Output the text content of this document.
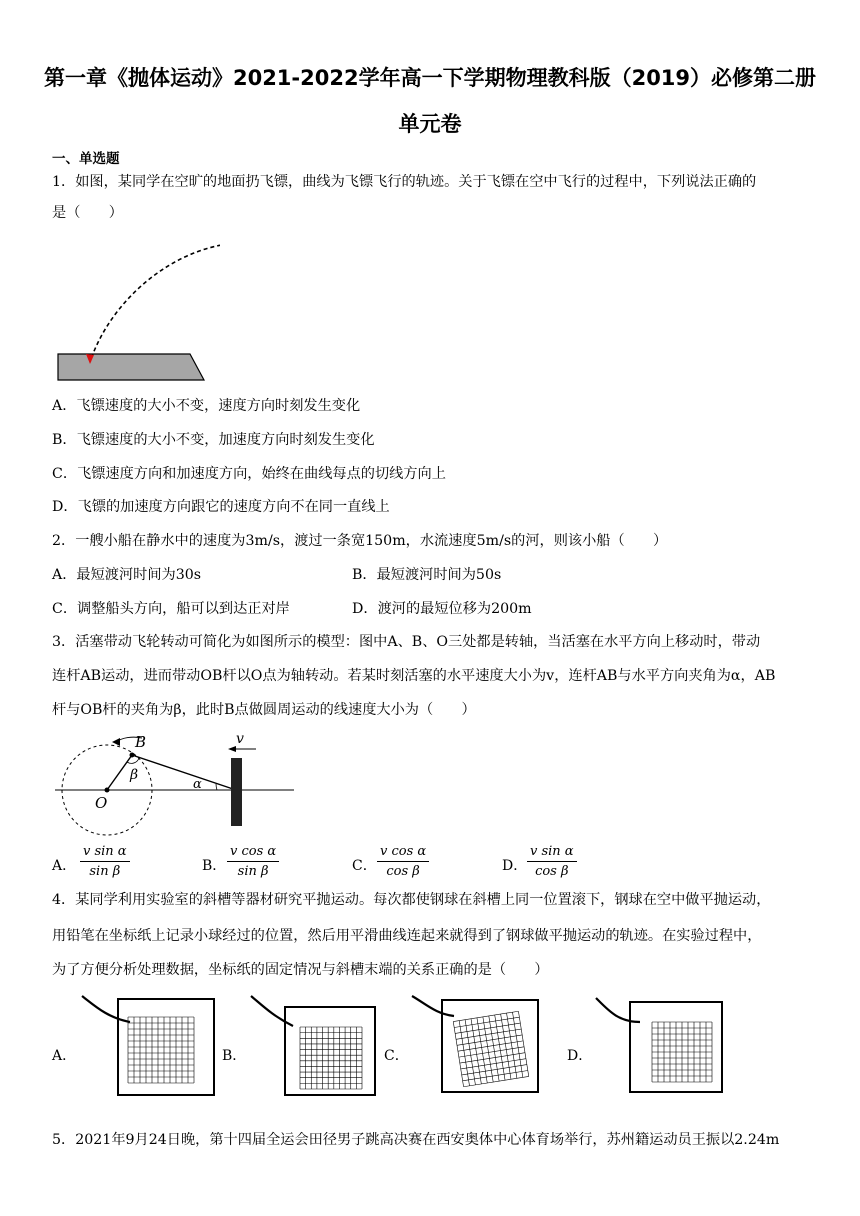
第一章《抛体运动》2021-2022学年高一下学期物理教科版（2019）必修第二册
单元卷
一、单选题
1．如图，某同学在空旷的地面扔飞镖，曲线为飞镖飞行的轨迹。关于飞镖在空中飞行的过程中，下列说法正确的
是（　　）
A．飞镖速度的大小不变，速度方向时刻发生变化
B．飞镖速度的大小不变，加速度方向时刻发生变化
C．飞镖速度方向和加速度方向，始终在曲线每点的切线方向上
D．飞镖的加速度方向跟它的速度方向不在同一直线上
2．一艘小船在静水中的速度为3m/s，渡过一条宽150m，水流速度5m/s的河，则该小船（　　）
A．最短渡河时间为30s	B．最短渡河时间为50s
C．调整船头方向，船可以到达正对岸	D．渡河的最短位移为200m
3．活塞带动飞轮转动可简化为如图所示的模型：图中A、B、O三处都是转轴，当活塞在水平方向上移动时，带动
连杆AB运动，进而带动OB杆以O点为轴转动。若某时刻活塞的水平速度大小为v，连杆AB与水平方向夹角为α，AB
杆与OB杆的夹角为β，此时B点做圆周运动的线速度大小为（　　）
B
O
β
α
v
A． $\frac{\text{v sin α}}{\text{sin β}}$	B． $\frac{\text{v cos α}}{\text{sin β}}$	C． $\frac{\text{v cos α}}{\text{cos β}}$	D． $\frac{\text{v sin α}}{\text{cos β}}$
4．某同学利用实验室的斜槽等器材研究平抛运动。每次都使钢球在斜槽上同一位置滚下，钢球在空中做平抛运动，
用铅笔在坐标纸上记录小球经过的位置，然后用平滑曲线连起来就得到了钢球做平抛运动的轨迹。在实验过程中，
为了方便分析处理数据，坐标纸的固定情况与斜槽末端的关系正确的是（　　）
A．	B．	C．	D．
5．2021年9月24日晚，第十四届全运会田径男子跳高决赛在西安奥体中心体育场举行，苏州籍运动员王振以2.24m
